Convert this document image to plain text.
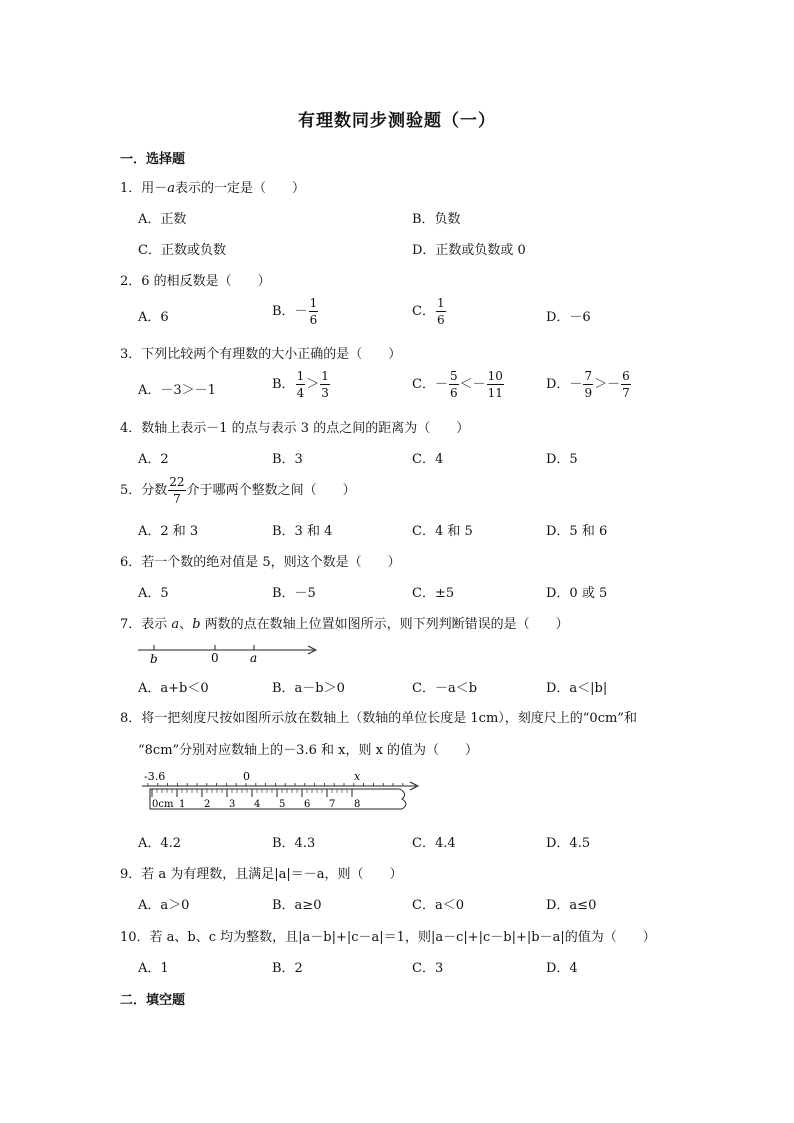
有理数同步测验题（一）
一．选择题
1．用－a表示的一定是（　　）
A．正数	B．负数
C．正数或负数	D．正数或负数或 0
2．6 的相反数是（　　）
A．6	B．－ $\frac{1}{6}$	C． $\frac{1}{6}$	D．－6
3．下列比较两个有理数的大小正确的是（　　）
A．－3＞－1	B． $\frac{1}{4} > \frac{1}{3}$	C．－ $\frac{5}{6} <- \frac{10}{11}$	D．－ $\frac{7}{9} >- \frac{6}{7}$
4．数轴上表示－1 的点与表示 3 的点之间的距离为（　　）
A．2	B．3	C．4	D．5
5．分数 $\frac{22}{7}$ 介于哪两个整数之间（　　）
A．2 和 3	B．3 和 4	C．4 和 5	D．5 和 6
6．若一个数的绝对值是 5，则这个数是（　　）
A．5	B．－5	C．±5	D．0 或 5
7．表示 a、b 两数的点在数轴上位置如图所示，则下列判断错误的是（　　）
b	0	a
A．a+b＜0	B．a－b＞0	C．－a＜b	D．a＜|b|
8．将一把刻度尺按如图所示放在数轴上（数轴的单位长度是 1cm），刻度尺上的“0cm”和
“8cm”分别对应数轴上的－3.6 和 x，则 x 的值为（　　）
0cm 1 2 3 4 5 6 7 8
-3.6	0	x
A．4.2	B．4.3	C．4.4	D．4.5
9．若 a 为有理数，且满足|a|＝－a，则（　　）
A．a＞0	B．a≥0	C．a＜0	D．a≤0
10．若 a、b、c 均为整数，且|a－b|+|c－a|＝1，则|a－c|+|c－b|+|b－a|的值为（　　）
A．1	B．2	C．3	D．4
二．填空题
